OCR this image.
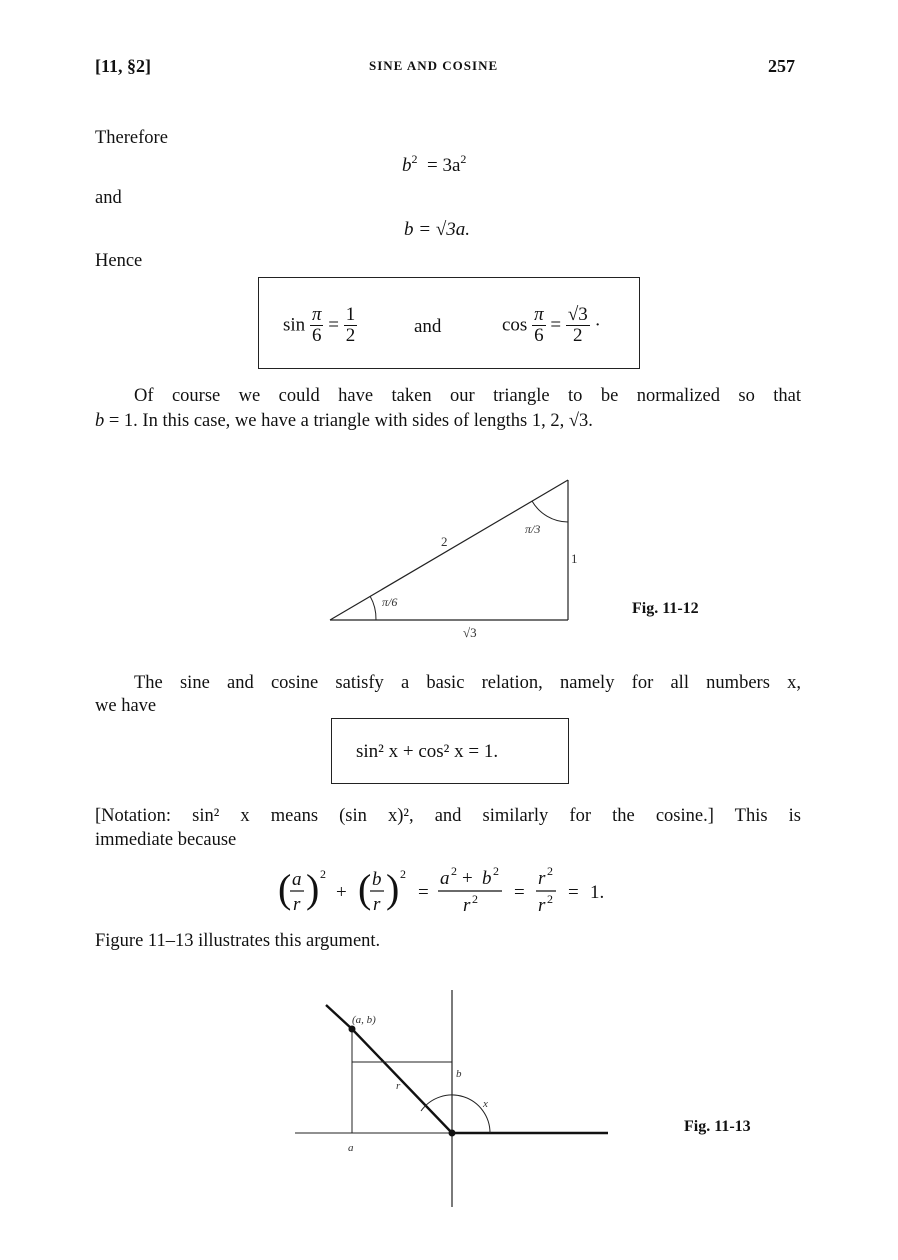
[11, §2]	SINE AND COSINE	257
Therefore
$b^2 = 3a^2$
and
b = √3a.
Hence
$\sin \frac{\pi}{6} = \frac{1}{2}$	and	$\cos \frac{\pi}{6} = \frac{√3}{2}$ ·
Of course we could have taken our triangle to be normalized so that
b = 1. In this case, we have a triangle with sides of lengths 1, 2, √3.
2
1
√3
π/3
π/6	Fig. 11-12
The sine and cosine satisfy a basic relation, namely for all numbers x,
we have
sin² x + cos² x = 1.
[Notation: sin² x means (sin x)², and similarly for the cosine.] This is
immediate because
( a
r ) 2
+ ( b
r ) 2
=
a 2 + b 2
r 2 =
r 2
r 2 = 1.
Figure 11–13 illustrates this argument.
(a, b)
r
x
a
b
Fig. 11-13
